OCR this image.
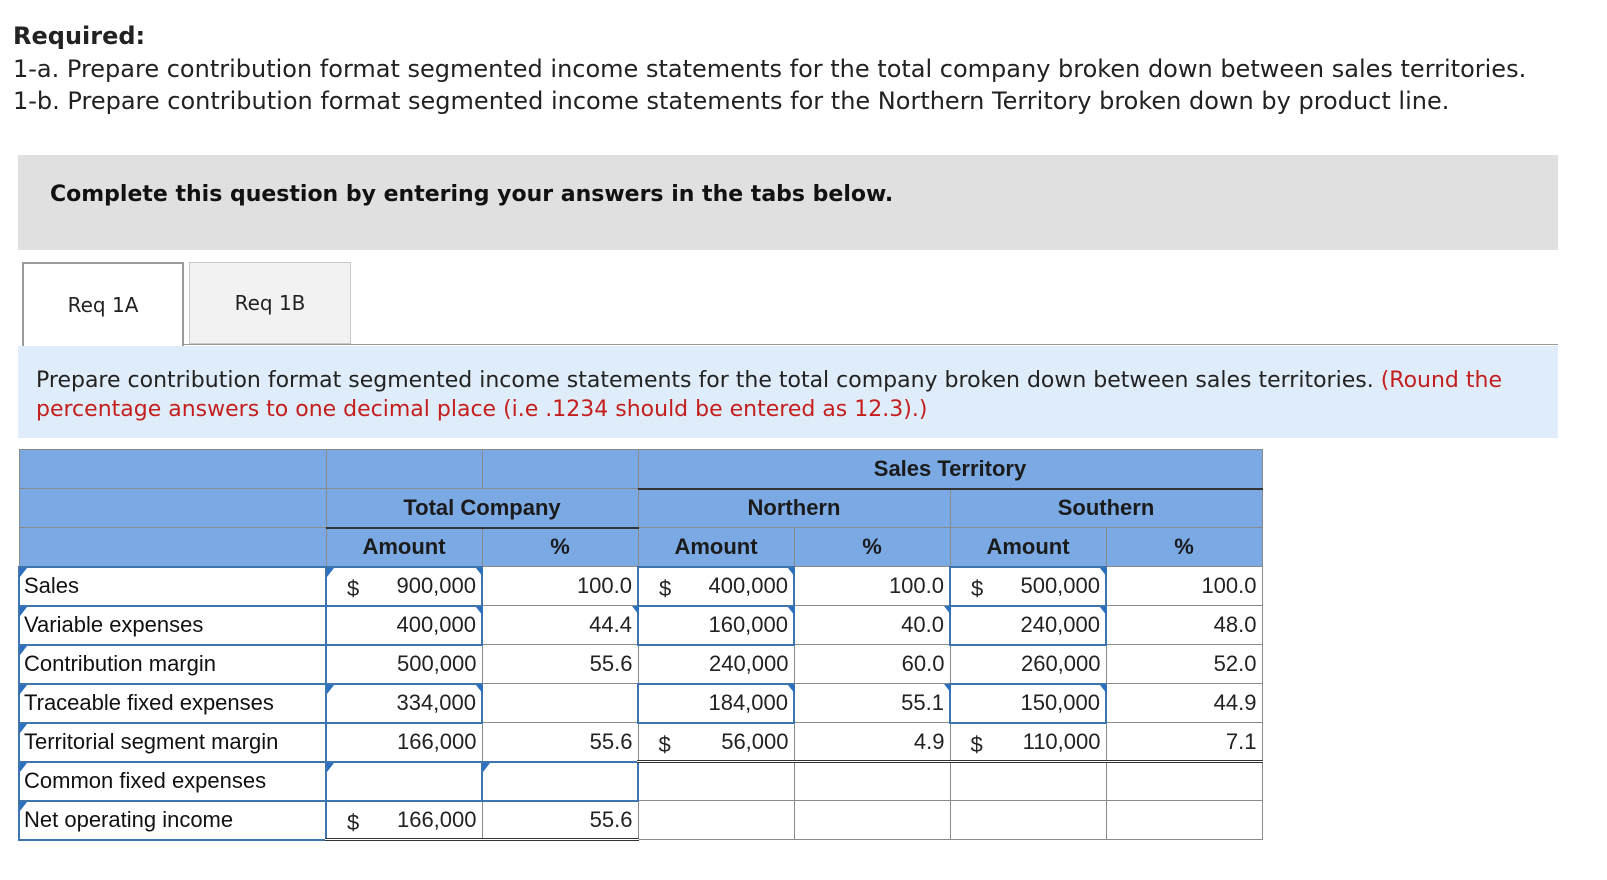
Required:
1-a. Prepare contribution format segmented income statements for the total company broken down between sales territories.
1-b. Prepare contribution format segmented income statements for the Northern Territory broken down by product line.
Complete this question by entering your answers in the tabs below.
Req 1A	Req 1B
Prepare contribution format segmented income statements for the total company broken down between sales territories. (Round the percentage answers to one decimal place (i.e .1234 should be entered as 12.3).)
			Sales Territory			
	Total Company		Northern		Southern	
	Amount	%	Amount	%	Amount	%
Sales	$ 900,000	100.0	$ 400,000	100.0	$ 500,000	100.0
Variable expenses	400,000	44.4	160,000	40.0	240,000	48.0
Contribution margin	500,000	55.6	240,000	60.0	260,000	52.0
Traceable fixed expenses	334,000		184,000	55.1	150,000	44.9
Territorial segment margin	166,000	55.6	$ 56,000	4.9	$ 110,000	7.1
Common fixed expenses						
Net operating income	$ 166,000	55.6				
